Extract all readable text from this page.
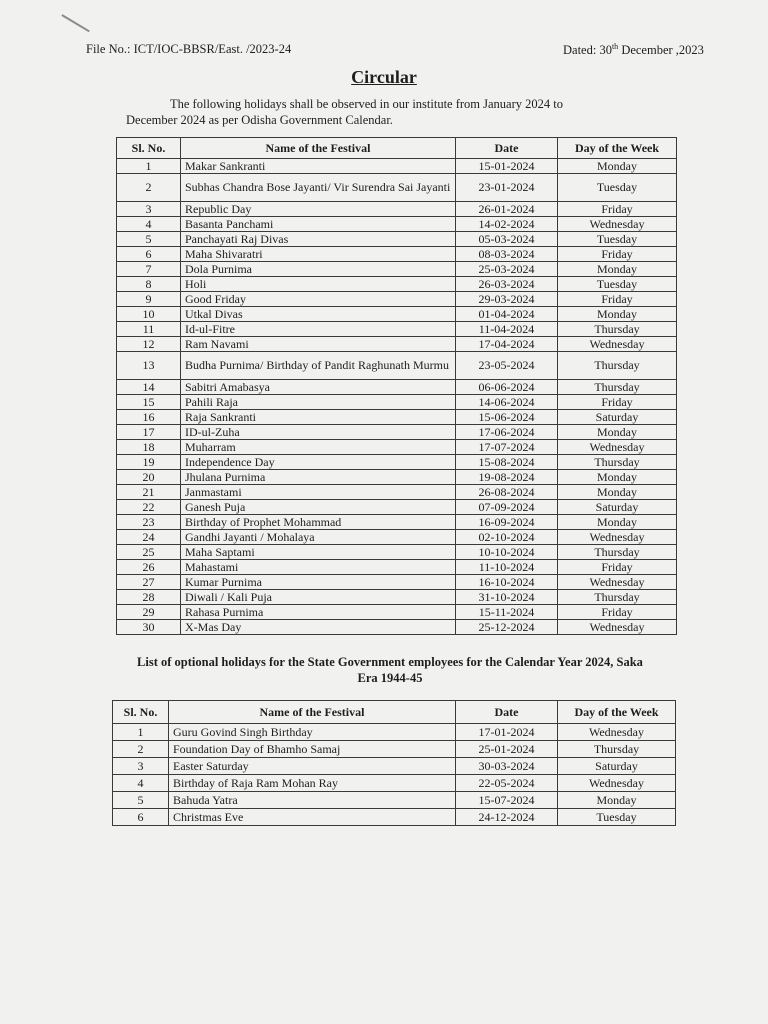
File No.: ICT/IOC-BBSR/East. /2023-24	Dated: 30th December ,2023
Circular
The following holidays shall be observed in our institute from January 2024 to December 2024 as per Odisha Government Calendar.
Sl. No.	Name of the Festival	Date	Day of the Week
1	Makar Sankranti	15-01-2024	Monday
2	Subhas Chandra Bose Jayanti/ Vir Surendra Sai Jayanti	23-01-2024	Tuesday
3	Republic Day	26-01-2024	Friday
4	Basanta Panchami	14-02-2024	Wednesday
5	Panchayati Raj Divas	05-03-2024	Tuesday
6	Maha Shivaratri	08-03-2024	Friday
7	Dola Purnima	25-03-2024	Monday
8	Holi	26-03-2024	Tuesday
9	Good Friday	29-03-2024	Friday
10	Utkal Divas	01-04-2024	Monday
11	Id-ul-Fitre	11-04-2024	Thursday
12	Ram Navami	17-04-2024	Wednesday
13	Budha Purnima/ Birthday of Pandit Raghunath Murmu	23-05-2024	Thursday
14	Sabitri Amabasya	06-06-2024	Thursday
15	Pahili Raja	14-06-2024	Friday
16	Raja Sankranti	15-06-2024	Saturday
17	ID-ul-Zuha	17-06-2024	Monday
18	Muharram	17-07-2024	Wednesday
19	Independence Day	15-08-2024	Thursday
20	Jhulana Purnima	19-08-2024	Monday
21	Janmastami	26-08-2024	Monday
22	Ganesh Puja	07-09-2024	Saturday
23	Birthday of Prophet Mohammad	16-09-2024	Monday
24	Gandhi Jayanti / Mohalaya	02-10-2024	Wednesday
25	Maha Saptami	10-10-2024	Thursday
26	Mahastami	11-10-2024	Friday
27	Kumar Purnima	16-10-2024	Wednesday
28	Diwali / Kali Puja	31-10-2024	Thursday
29	Rahasa Purnima	15-11-2024	Friday
30	X-Mas Day	25-12-2024	Wednesday
List of optional holidays for the State Government employees for the Calendar Year 2024, Saka Era 1944-45
Sl. No.	Name of the Festival	Date	Day of the Week
1	Guru Govind Singh Birthday	17-01-2024	Wednesday
2	Foundation Day of Bhamho Samaj	25-01-2024	Thursday
3	Easter Saturday	30-03-2024	Saturday
4	Birthday of Raja Ram Mohan Ray	22-05-2024	Wednesday
5	Bahuda Yatra	15-07-2024	Monday
6	Christmas Eve	24-12-2024	Tuesday
